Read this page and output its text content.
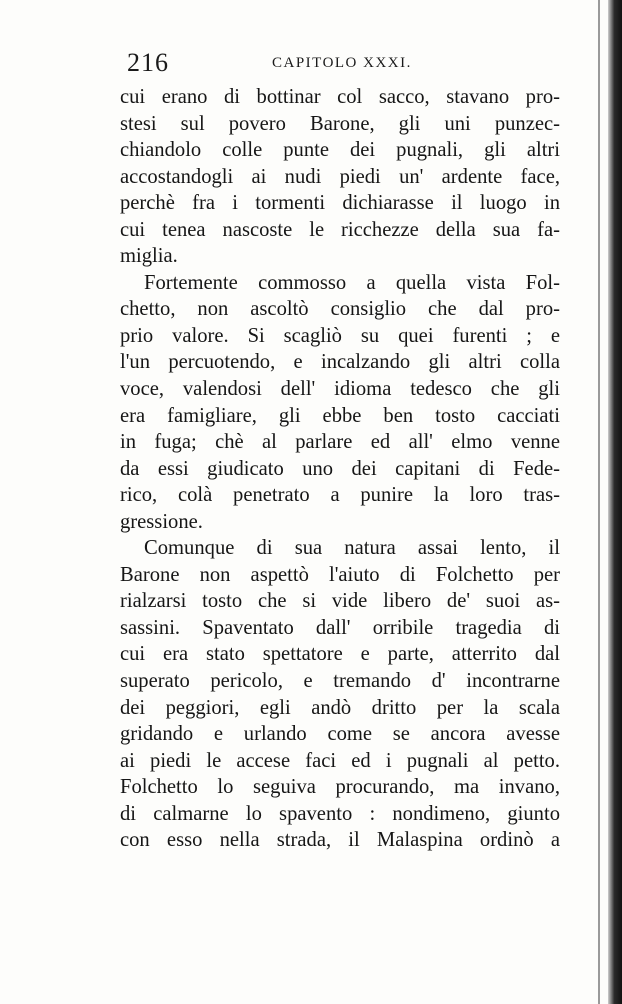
216	CAPITOLO XXXI.
cui erano di bottinar col sacco, stavano pro-
stesi sul povero Barone, gli uni punzec-
chiandolo colle punte dei pugnali, gli altri
accostandogli ai nudi piedi un' ardente face,
perchè fra i tormenti dichiarasse il luogo in
cui tenea nascoste le ricchezze della sua fa-
miglia.
Fortemente commosso a quella vista Fol-
chetto, non ascoltò consiglio che dal pro-
prio valore. Si scagliò su quei furenti ; e
l'un percuotendo, e incalzando gli altri colla
voce, valendosi dell' idioma tedesco che gli
era famigliare, gli ebbe ben tosto cacciati
in fuga; chè al parlare ed all' elmo venne
da essi giudicato uno dei capitani di Fede-
rico, colà penetrato a punire la loro tras-
gressione.
Comunque di sua natura assai lento, il
Barone non aspettò l'aiuto di Folchetto per
rialzarsi tosto che si vide libero de' suoi as-
sassini. Spaventato dall' orribile tragedia di
cui era stato spettatore e parte, atterrito dal
superato pericolo, e tremando d' incontrarne
dei peggiori, egli andò dritto per la scala
gridando e urlando come se ancora avesse
ai piedi le accese faci ed i pugnali al petto.
Folchetto lo seguiva procurando, ma invano,
di calmarne lo spavento : nondimeno, giunto
con esso nella strada, il Malaspina ordinò a
